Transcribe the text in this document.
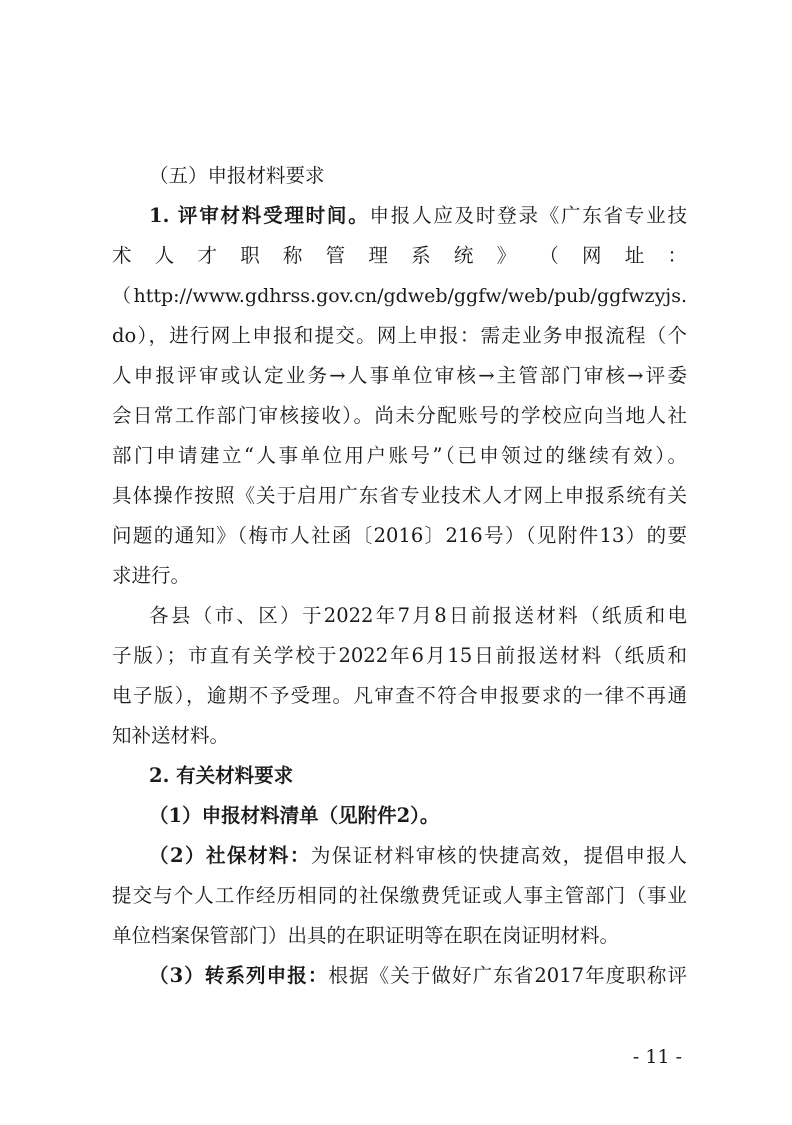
（五）申报材料要求
1. 评审材料受理时间。申报人应及时登录《广东省专业技
术 人 才 职 称 管 理 系 统 》 （ 网 址 ：
（http://www.gdhrss.gov.cn/gdweb/ggfw/web/pub/ggfwzyjs.
do），进行网上申报和提交。网上申报：需走业务申报流程（个
人申报评审或认定业务→人事单位审核→主管部门审核→评委
会日常工作部门审核接收）。尚未分配账号的学校应向当地人社
部门申请建立“人事单位用户账号”（已申领过的继续有效）。
具体操作按照《关于启用广东省专业技术人才网上申报系统有关
问题的通知》（梅市人社函〔2016〕216号）（见附件13）的要
求进行。
各县（市、区）于2022年7月8日前报送材料（纸质和电
子版）；市直有关学校于2022年6月15日前报送材料（纸质和
电子版），逾期不予受理。凡审查不符合申报要求的一律不再通
知补送材料。
2. 有关材料要求
（1）申报材料清单（见附件2）。
（2）社保材料：为保证材料审核的快捷高效，提倡申报人
提交与个人工作经历相同的社保缴费凭证或人事主管部门（事业
单位档案保管部门）出具的在职证明等在职在岗证明材料。
（3）转系列申报：根据《关于做好广东省2017年度职称评
- 11 -
